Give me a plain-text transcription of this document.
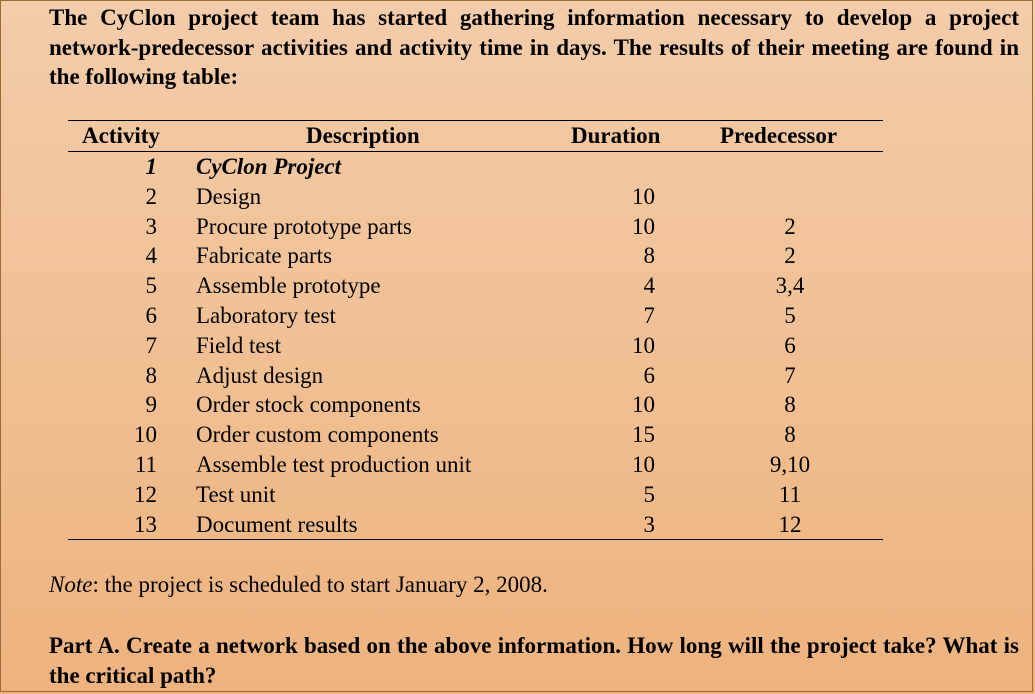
The CyClon project team has started gathering information necessary to develop a project network-predecessor activities and activity time in days. The results of their meeting are found in the following table:
Activity	Description	Duration	Predecessor
1 CyClon Project
2 Design	10
3 Procure prototype parts	10	2
4 Fabricate parts	8	2
5 Assemble prototype	4	3,4
6 Laboratory test	7	5
7 Field test	10	6
8 Adjust design	6	7
9 Order stock components	10	8
10 Order custom components	15	8
11 Assemble test production unit	10	9,10
12 Test unit	5	11
13 Document results	3	12
Note: the project is scheduled to start January 2, 2008.
Part A. Create a network based on the above information. How long will the project take? What is the critical path?
